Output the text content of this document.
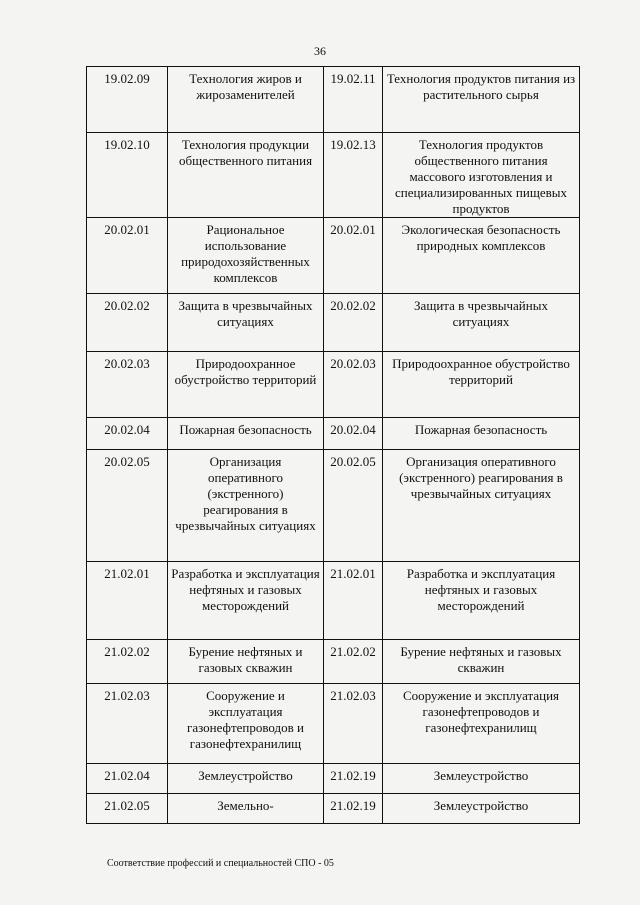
36
19.02.09	Технология жиров и жирозаменителей	19.02.11	Технология продуктов питания из растительного сырья
19.02.10	Технология продукции общественного питания	19.02.13	Технология продуктов общественного питания массового изготовления и специализированных пищевых продуктов
20.02.01	Рациональное использование природохозяйственных комплексов	20.02.01	Экологическая безопасность природных комплексов
20.02.02	Защита в чрезвычайных ситуациях	20.02.02	Защита в чрезвычайных ситуациях
20.02.03	Природоохранное обустройство территорий	20.02.03	Природоохранное обустройство территорий
20.02.04	Пожарная безопасность	20.02.04	Пожарная безопасность
20.02.05	Организация оперативного (экстренного) реагирования в чрезвычайных ситуациях	20.02.05	Организация оперативного (экстренного) реагирования в чрезвычайных ситуациях
21.02.01	Разработка и эксплуатация нефтяных и газовых месторождений	21.02.01	Разработка и эксплуатация нефтяных и газовых месторождений
21.02.02	Бурение нефтяных и газовых скважин	21.02.02	Бурение нефтяных и газовых скважин
21.02.03	Сооружение и эксплуатация газонефтепроводов и газонефтехранилищ	21.02.03	Сооружение и эксплуатация газонефтепроводов и газонефтехранилищ
21.02.04	Землеустройство	21.02.19	Землеустройство
21.02.05	Земельно-	21.02.19	Землеустройство
Соответствие профессий и специальностей СПО - 05
